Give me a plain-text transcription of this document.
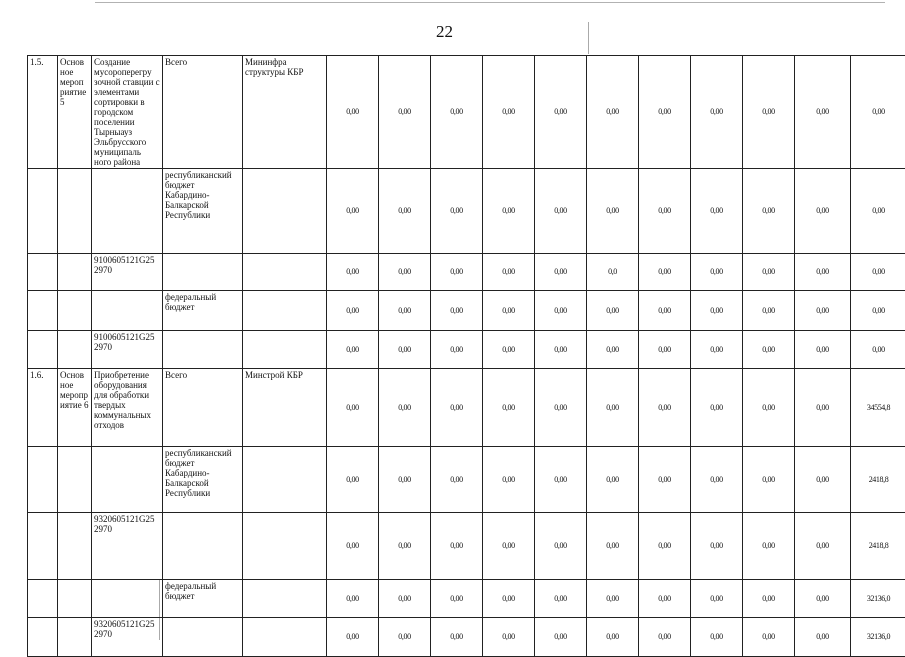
22
1.5.	Основ ное мероп риятие 5	Создание мусороперегру зочной ставции с элементами сортировки в городском поселении Тырныауз Эльбрусского муниципаль ного района	Всего	Мининфра структуры КБР	0,00	0,00	0,00	0,00	0,00	0,00	0,00	0,00	0,00	0,00	0,00
			республиканский бюджет Кабардино-Балкарской Республики		0,00	0,00	0,00	0,00	0,00	0,00	0,00	0,00	0,00	0,00	0,00
		9100605121G25 2970			0,00	0,00	0,00	0,00	0,00	0,0	0,00	0,00	0,00	0,00	0,00
			федеральный бюджет		0,00	0,00	0,00	0,00	0,00	0,00	0,00	0,00	0,00	0,00	0,00
		9100605121G25 2970			0,00	0,00	0,00	0,00	0,00	0,00	0,00	0,00	0,00	0,00	0,00
1.6.	Основ ное меропр иятие 6	Приобретение оборудования для обработки твердых коммунальных отходов	Всего	Минстрой КБР	0,00	0,00	0,00	0,00	0,00	0,00	0,00	0,00	0,00	0,00	34554,8
			республиканский бюджет Кабардино-Балкарской Республики		0,00	0,00	0,00	0,00	0,00	0,00	0,00	0,00	0,00	0,00	2418,8
		9320605121G25 2970			0,00	0,00	0,00	0,00	0,00	0,00	0,00	0,00	0,00	0,00	2418,8
			федеральный бюджет		0,00	0,00	0,00	0,00	0,00	0,00	0,00	0,00	0,00	0,00	32136,0
		9320605121G25 2970			0,00	0,00	0,00	0,00	0,00	0,00	0,00	0,00	0,00	0,00	32136,0
